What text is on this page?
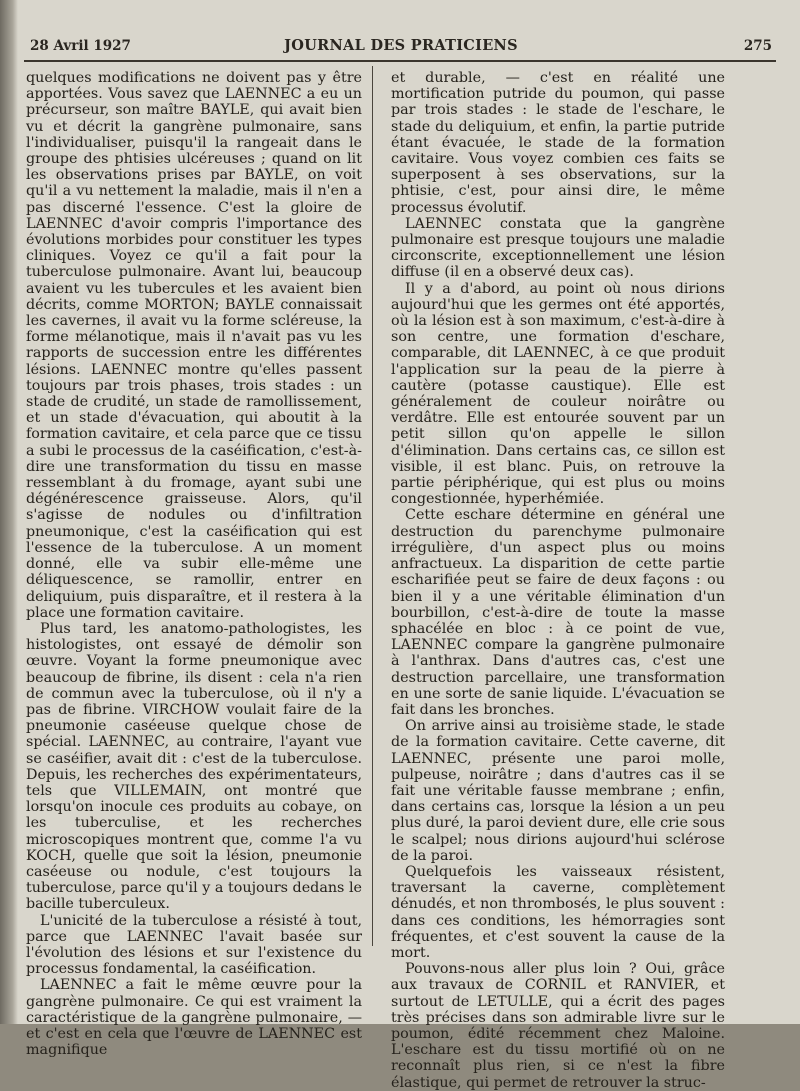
28 Avril 1927	JOURNAL DES PRATICIENS	275

quelques modifications ne doivent pas y être apportées. Vous savez que LAENNEC a eu un précurseur, son maître BAYLE, qui avait bien vu et décrit la gangrène pulmonaire, sans l'individualiser, puisqu'il la rangeait dans le groupe des phtisies ulcéreuses ; quand on lit les observations prises par BAYLE, on voit qu'il a vu nettement la maladie, mais il n'en a pas discerné l'essence. C'est la gloire de LAENNEC d'avoir compris l'importance des évolutions morbides pour constituer les types cliniques. Voyez ce qu'il a fait pour la tuberculose pulmonaire. Avant lui, beaucoup avaient vu les tubercules et les avaient bien décrits, comme MORTON; BAYLE connaissait les cavernes, il avait vu la forme scléreuse, la forme mélanotique, mais il n'avait pas vu les rapports de succession entre les différentes lésions. LAENNEC montre qu'elles passent toujours par trois phases, trois stades : un stade de crudité, un stade de ramollissement, et un stade d'évacuation, qui aboutit à la formation cavitaire, et cela parce que ce tissu a subi le processus de la caséification, c'est-à-dire une transformation du tissu en masse ressemblant à du fromage, ayant subi une dégénérescence graisseuse. Alors, qu'il s'agisse de nodules ou d'infiltration pneumonique, c'est la caséification qui est l'essence de la tuberculose. A un moment donné, elle va subir elle-même une déliquescence, se ramollir, entrer en deliquium, puis disparaître, et il restera à la place une formation cavitaire.

Plus tard, les anatomo-pathologistes, les histologistes, ont essayé de démolir son œuvre. Voyant la forme pneumonique avec beaucoup de fibrine, ils disent : cela n'a rien de commun avec la tuberculose, où il n'y a pas de fibrine. VIRCHOW voulait faire de la pneumonie caséeuse quelque chose de spécial. LAENNEC, au contraire, l'ayant vue se caséifier, avait dit : c'est de la tuberculose. Depuis, les recherches des expérimentateurs, tels que VILLEMAIN, ont montré que lorsqu'on inocule ces produits au cobaye, on les tuberculise, et les recherches microscopiques montrent que, comme l'a vu KOCH, quelle que soit la lésion, pneumonie caséeuse ou nodule, c'est toujours la tuberculose, parce qu'il y a toujours dedans le bacille tuberculeux.

L'unicité de la tuberculose a résisté à tout, parce que LAENNEC l'avait basée sur l'évolution des lésions et sur l'existence du processus fondamental, la caséification.

LAENNEC a fait le même œuvre pour la gangrène pulmonaire. Ce qui est vraiment la caractéristique de la gangrène pulmonaire, — et c'est en cela que l'œuvre de LAENNEC est magnifique

et durable, — c'est en réalité une mortification putride du poumon, qui passe par trois stades : le stade de l'eschare, le stade du deliquium, et enfin, la partie putride étant évacuée, le stade de la formation cavitaire. Vous voyez combien ces faits se superposent à ses observations, sur la phtisie, c'est, pour ainsi dire, le même processus évolutif.

LAENNEC constata que la gangrène pulmonaire est presque toujours une maladie circonscrite, exceptionnellement une lésion diffuse (il en a observé deux cas).

Il y a d'abord, au point où nous dirions aujourd'hui que les germes ont été apportés, où la lésion est à son maximum, c'est-à-dire à son centre, une formation d'eschare, comparable, dit LAENNEC, à ce que produit l'application sur la peau de la pierre à cautère (potasse caustique). Elle est généralement de couleur noirâtre ou verdâtre. Elle est entourée souvent par un petit sillon qu'on appelle le sillon d'élimination. Dans certains cas, ce sillon est visible, il est blanc. Puis, on retrouve la partie périphérique, qui est plus ou moins congestionnée, hyperhémiée.

Cette eschare détermine en général une destruction du parenchyme pulmonaire irrégulière, d'un aspect plus ou moins anfractueux. La disparition de cette partie escharifiée peut se faire de deux façons : ou bien il y a une véritable élimination d'un bourbillon, c'est-à-dire de toute la masse sphacélée en bloc : à ce point de vue, LAENNEC compare la gangrène pulmonaire à l'anthrax. Dans d'autres cas, c'est une destruction parcellaire, une transformation en une sorte de sanie liquide. L'évacuation se fait dans les bronches.

On arrive ainsi au troisième stade, le stade de la formation cavitaire. Cette caverne, dit LAENNEC, présente une paroi molle, pulpeuse, noirâtre ; dans d'autres cas il se fait une véritable fausse membrane ; enfin, dans certains cas, lorsque la lésion a un peu plus duré, la paroi devient dure, elle crie sous le scalpel; nous dirions aujourd'hui sclérose de la paroi.

Quelquefois les vaisseaux résistent, traversant la caverne, complètement dénudés, et non thrombosés, le plus souvent : dans ces conditions, les hémorragies sont fréquentes, et c'est souvent la cause de la mort.

Pouvons-nous aller plus loin ? Oui, grâce aux travaux de CORNIL et RANVIER, et surtout de LETULLE, qui a écrit des pages très précises dans son admirable livre sur le poumon, édité récemment chez Maloine. L'eschare est du tissu mortifié où on ne reconnaît plus rien, si ce n'est la fibre élastique, qui permet de retrouver la struc-
